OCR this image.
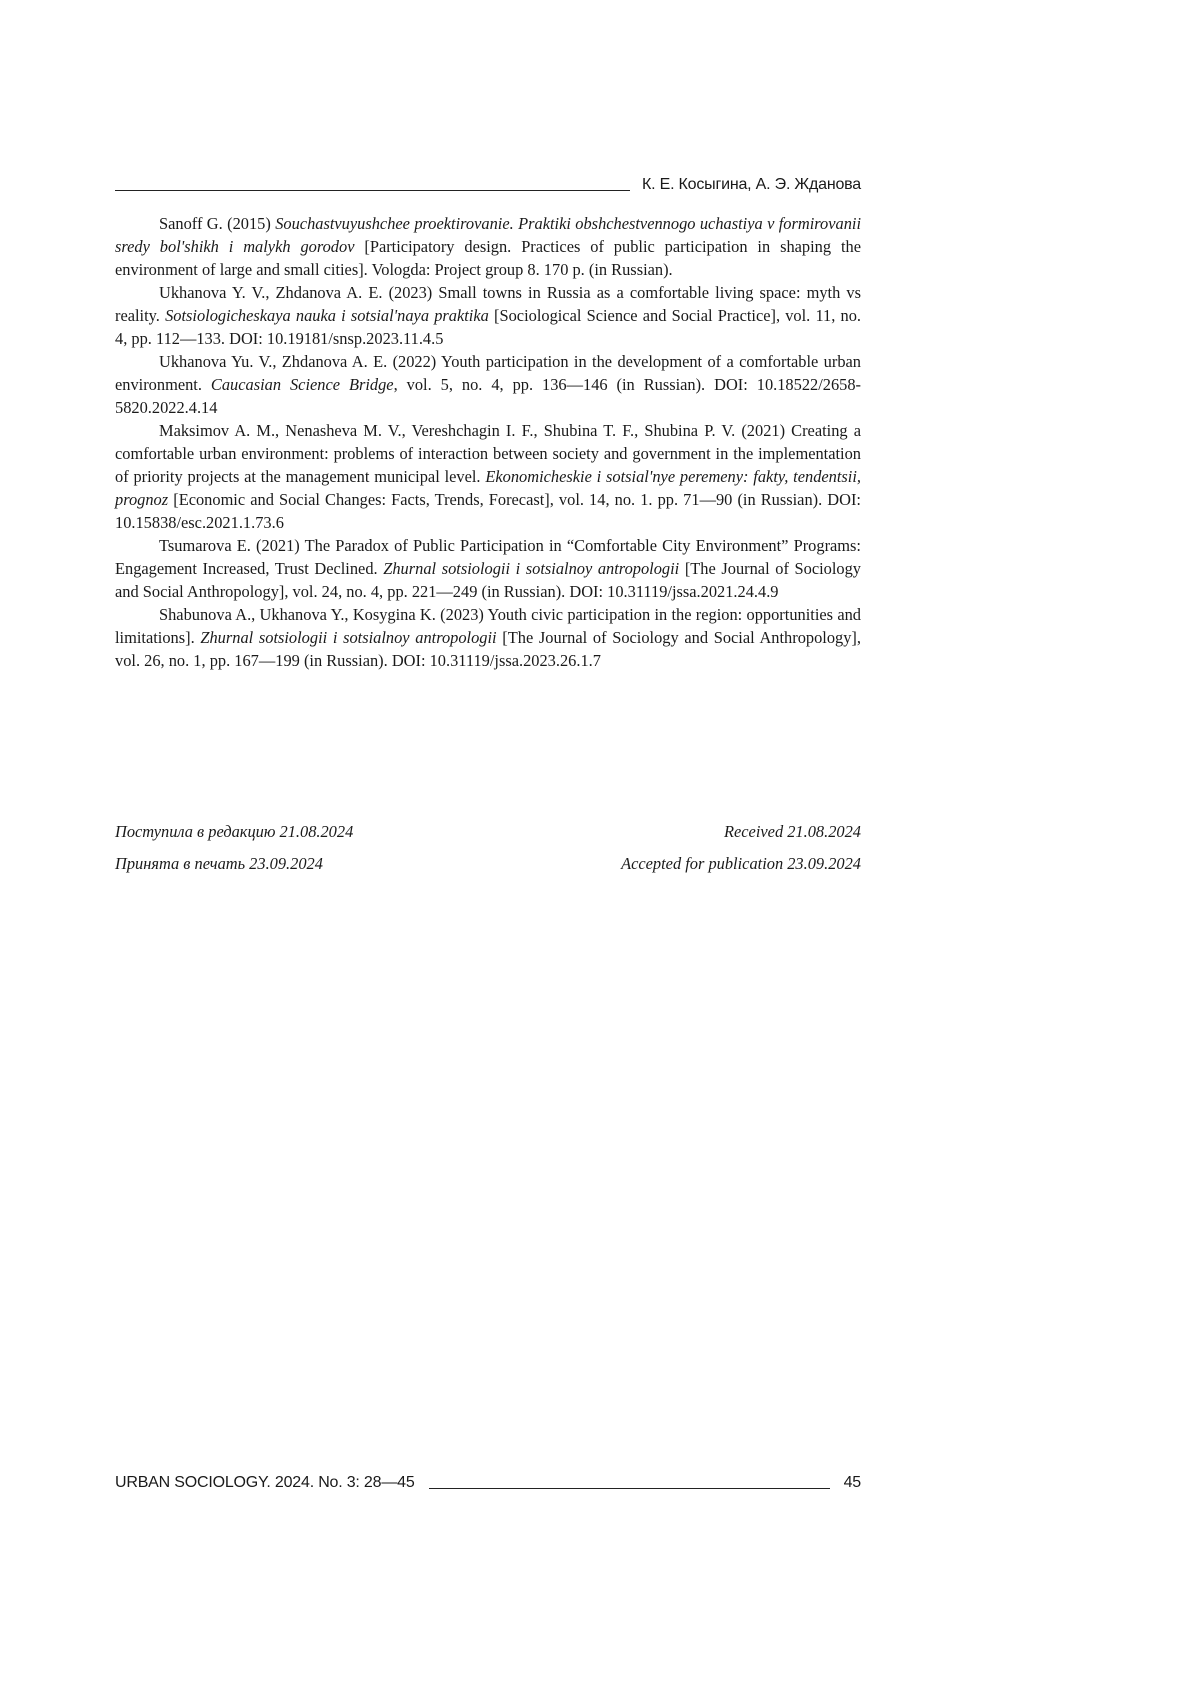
К. Е. Косыгина, А. Э. Жданова

Sanoff G. (2015) Souchastvuyushchee proektirovanie. Praktiki obshchestvennogo uchastiya v formirovanii sredy bol'shikh i malykh gorodov [Participatory design. Practices of public participation in shaping the environment of large and small cities]. Vologda: Project group 8. 170 p. (in Russian).

Ukhanova Y. V., Zhdanova A. E. (2023) Small towns in Russia as a comfortable living space: myth vs reality. Sotsiologicheskaya nauka i sotsial'naya praktika [Sociological Science and Social Practice], vol. 11, no. 4, pp. 112—133. DOI: 10.19181/snsp.2023.11.4.5

Ukhanova Yu. V., Zhdanova A. E. (2022) Youth participation in the development of a comfortable urban environment. Caucasian Science Bridge, vol. 5, no. 4, pp. 136—146 (in Russian). DOI: 10.18522/2658-5820.2022.4.14

Maksimov A. M., Nenasheva M. V., Vereshchagin I. F., Shubina T. F., Shubina P. V. (2021) Creating a comfortable urban environment: problems of interaction between society and government in the implementation of priority projects at the management municipal level. Ekonomicheskie i sotsial'nye peremeny: fakty, tendentsii, prognoz [Economic and Social Changes: Facts, Trends, Forecast], vol. 14, no. 1. pp. 71—90 (in Russian). DOI: 10.15838/esc.2021.1.73.6

Tsumarova E. (2021) The Paradox of Public Participation in “Comfortable City Environment” Programs: Engagement Increased, Trust Declined. Zhurnal sotsiologii i sotsialnoy antropologii [The Journal of Sociology and Social Anthropology], vol. 24, no. 4, pp. 221—249 (in Russian). DOI: 10.31119/jssa.2021.24.4.9

Shabunova A., Ukhanova Y., Kosygina K. (2023) Youth civic participation in the region: opportunities and limitations]. Zhurnal sotsiologii i sotsialnoy antropologii [The Journal of Sociology and Social Anthropology], vol. 26, no. 1, pp. 167—199 (in Russian). DOI: 10.31119/jssa.2023.26.1.7

Поступила в редакцию 21.08.2024	Received 21.08.2024
Принята в печать 23.09.2024	Accepted for publication 23.09.2024
URBAN SOCIOLOGY. 2024. No. 3: 28—45	45
